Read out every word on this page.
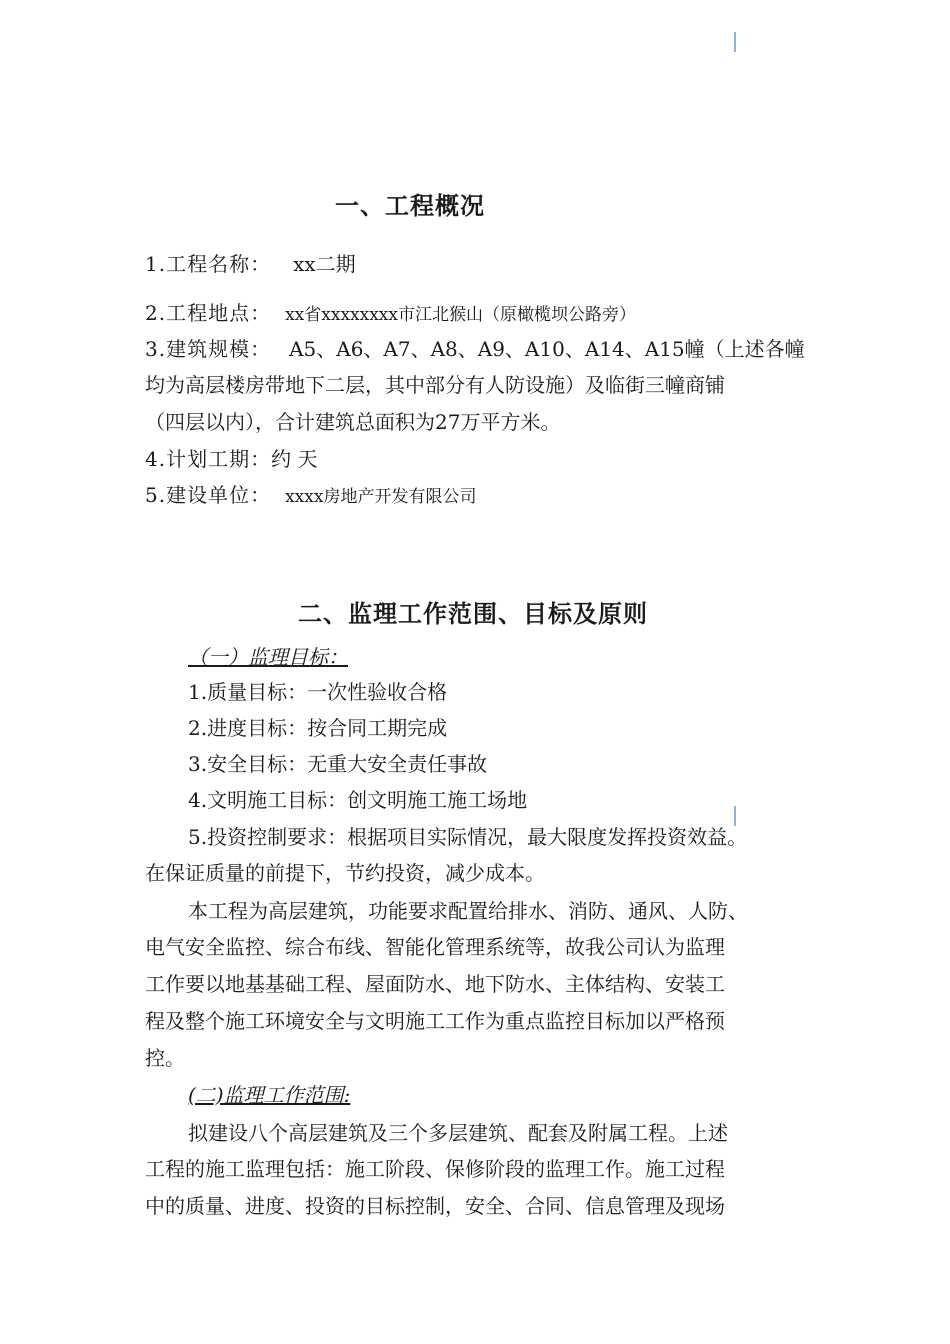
一、工程概况
1.工程名称： xx二期
2.工程地点： xx省xxxxxxxx市江北猴山（原橄榄坝公路旁）
3.建筑规模： A5、A6、A7、A8、A9、A10、A14、A15幢（上述各幢
均为高层楼房带地下二层，其中部分有人防设施）及临街三幢商铺
（四层以内），合计建筑总面积为27万平方米。
4.计划工期：约 天
5.建设单位： xxxx房地产开发有限公司
二、监理工作范围、目标及原则
（一）监理目标：
1.质量目标：一次性验收合格
2.进度目标：按合同工期完成
3.安全目标：无重大安全责任事故
4.文明施工目标：创文明施工施工场地
5.投资控制要求：根据项目实际情况，最大限度发挥投资效益。
在保证质量的前提下，节约投资，减少成本。
本工程为高层建筑，功能要求配置给排水、消防、通风、人防、
电气安全监控、综合布线、智能化管理系统等，故我公司认为监理
工作要以地基基础工程、屋面防水、地下防水、主体结构、安装工
程及整个施工环境安全与文明施工工作为重点监控目标加以严格预
控。
(二)监理工作范围:
拟建设八个高层建筑及三个多层建筑、配套及附属工程。上述
工程的施工监理包括：施工阶段、保修阶段的监理工作。施工过程
中的质量、进度、投资的目标控制，安全、合同、信息管理及现场
